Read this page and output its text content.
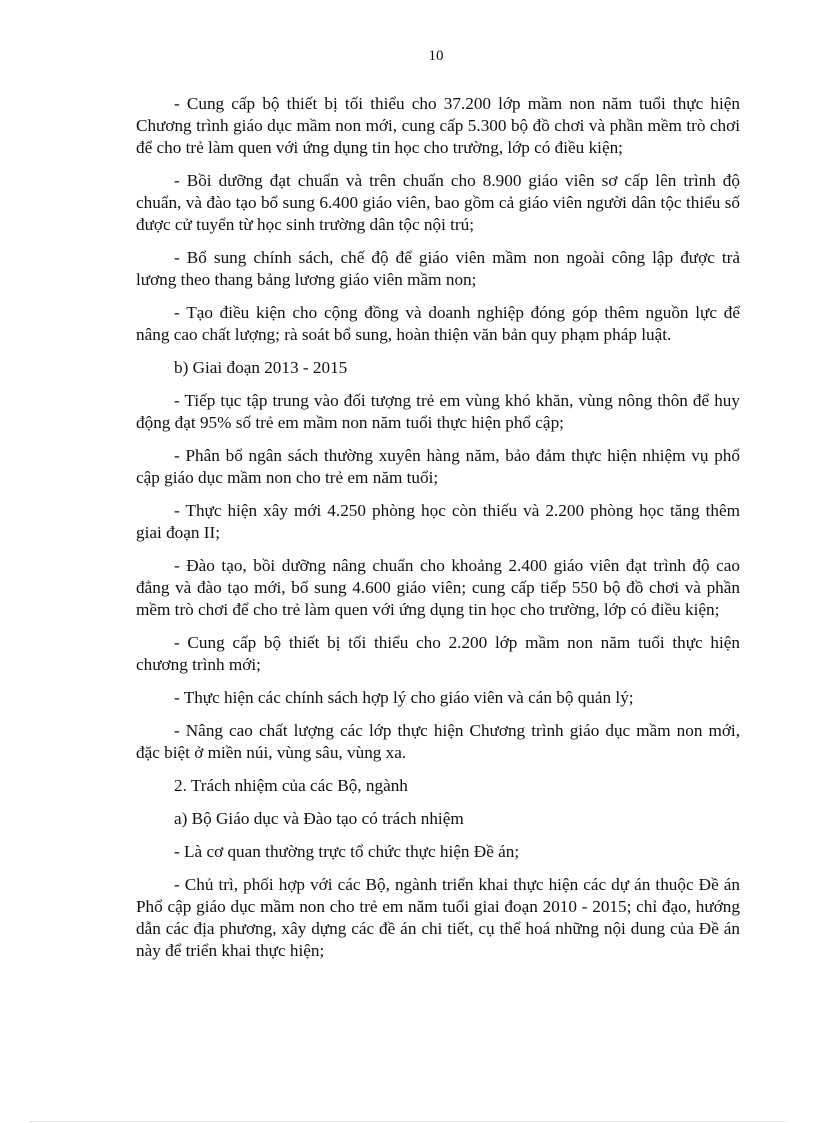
10

- Cung cấp bộ thiết bị tối thiểu cho 37.200 lớp mầm non năm tuổi thực hiện Chương trình giáo dục mầm non mới, cung cấp 5.300 bộ đồ chơi và phần mềm trò chơi để cho trẻ làm quen với ứng dụng tin học cho trường, lớp có điều kiện;

- Bồi dưỡng đạt chuẩn và trên chuẩn cho 8.900 giáo viên sơ cấp lên trình độ chuẩn, và đào tạo bổ sung 6.400 giáo viên, bao gồm cả giáo viên người dân tộc thiểu số được cử tuyển từ học sinh trường dân tộc nội trú;

- Bổ sung chính sách, chế độ để giáo viên mầm non ngoài công lập được trả lương theo thang bảng lương giáo viên mầm non;

- Tạo điều kiện cho cộng đồng và doanh nghiệp đóng góp thêm nguồn lực để nâng cao chất lượng; rà soát bổ sung, hoàn thiện văn bản quy phạm pháp luật.

b) Giai đoạn 2013 - 2015

- Tiếp tục tập trung vào đối tượng trẻ em vùng khó khăn, vùng nông thôn để huy động đạt 95% số trẻ em mầm non năm tuổi thực hiện phổ cập;

- Phân bổ ngân sách thường xuyên hàng năm, bảo đảm thực hiện nhiệm vụ phổ cập giáo dục mầm non cho trẻ em năm tuổi;

- Thực hiện xây mới 4.250 phòng học còn thiếu và 2.200 phòng học tăng thêm giai đoạn II;

- Đào tạo, bồi dưỡng nâng chuẩn cho khoảng 2.400 giáo viên đạt trình độ cao đẳng và đào tạo mới, bổ sung 4.600 giáo viên; cung cấp tiếp 550 bộ đồ chơi và phần mềm trò chơi để cho trẻ làm quen với ứng dụng tin học cho trường, lớp có điều kiện;

- Cung cấp bộ thiết bị tối thiểu cho 2.200 lớp mầm non năm tuổi thực hiện chương trình mới;

- Thực hiện các chính sách hợp lý cho giáo viên và cán bộ quản lý;

- Nâng cao chất lượng các lớp thực hiện Chương trình giáo dục mầm non mới, đặc biệt ở miền núi, vùng sâu, vùng xa.

2. Trách nhiệm của các Bộ, ngành

a) Bộ Giáo dục và Đào tạo có trách nhiệm

- Là cơ quan thường trực tổ chức thực hiện Đề án;

- Chủ trì, phối hợp với các Bộ, ngành triển khai thực hiện các dự án thuộc Đề án Phổ cập giáo dục mầm non cho trẻ em năm tuổi giai đoạn 2010 - 2015; chỉ đạo, hướng dẫn các địa phương, xây dựng các đề án chi tiết, cụ thể hoá những nội dung của Đề án này để triển khai thực hiện;
